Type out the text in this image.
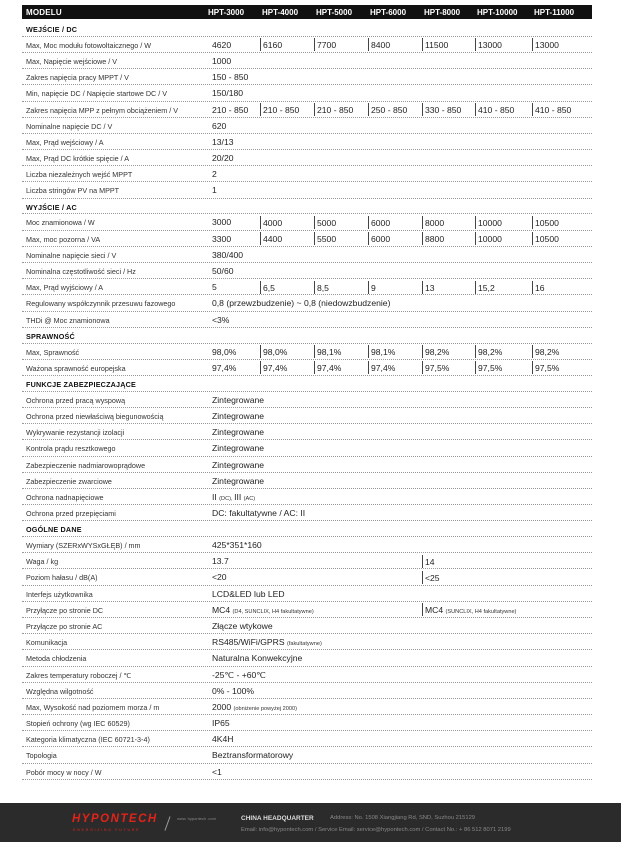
MODELU	HPT-3000 HPT-4000 HPT-5000 HPT-6000 HPT-8000 HPT-10000 HPT-11000
WEJŚCIE / DC
Max, Moc modułu fotowoltaicznego / W	4620	6160	7700	8400	11500	13000	13000
Max, Napięcie wejściowe / V	1000
Zakres napięcia pracy MPPT / V	150 - 850
Min, napięcie DC / Napięcie startowe DC / V	150/180
Zakres napięcia MPP z pełnym obciążeniem / V	210 - 850	210 - 850	210 - 850	250 - 850	330 - 850	410 - 850	410 - 850
Nominalne napięcie DC / V	620
Max, Prąd wejściowy / A	13/13
Max, Prąd DC krótkie spięcie / A	20/20
Liczba niezależnych wejść MPPT	2
Liczba stringów PV na MPPT	1
WYJŚCIE / AC
Moc znamionowa / W	3000	4000	5000	6000	8000	10000	10500
Max, moc pozorna / VA	3300	4400	5500	6000	8800	10000	10500
Nominalne napięcie sieci / V	380/400
Nominalna częstotliwość sieci / Hz	50/60
Max, Prąd wyjściowy / A	5	6,5	8,5	9	13	15,2	16
Regulowany współczynnik przesuwu fazowego	0,8 (przewzbudzenie) ~ 0,8 (niedowzbudzenie)
THDi @ Moc znamionowa	<3%
SPRAWNOŚĆ
Max, Sprawność	98,0%	98,0%	98,1%	98,1%	98,2%	98,2%	98,2%
Ważona sprawność europejska	97,4%	97,4%	97,4%	97,4%	97,5%	97,5%	97,5%
FUNKCJE ZABEZPIECZAJĄCE
Ochrona przed pracą wyspową	Zintegrowane
Ochrona przed niewłaściwą biegunowością	Zintegrowane
Wykrywanie rezystancji izolacji	Zintegrowane
Kontrola prądu resztkowego	Zintegrowane
Zabezpieczenie nadmiarowoprądowe	Zintegrowane
Zabezpieczenie zwarciowe	Zintegrowane
Ochrona nadnapięciowe	II (DC), III (AC)
Ochrona przed przepięciami	DC: fakultatywne / AC: II
OGÓLNE DANE
Wymiary (SZERxWYSxGŁĘB) / mm	425*351*160
Waga / kg	13.7	14
Poziom hałasu / dB(A)	<20	<25
Interfejs użytkownika	LCD&LED lub LED
Przyłącze po stronie DC	MC4 (D4, SUNCLIX, H4 fakultatywne)	MC4 (SUNCLIX, H4 fakultatywne)
Przyłącze po stronie AC	Złącze wtykowe
Komunikacja	RS485/WiFi/GPRS (fakultatywne)
Metoda chłodzenia	Naturalna Konwekcyjne
Zakres temperatury roboczej / ℃	-25℃ - +60℃
Względna wilgotność	0% - 100%
Max, Wysokość nad poziomem morza / m	2000 (obniżenie powyżej 2000)
Stopień ochrony (wg IEC 60529)	IP65
Kategoria klimatyczna (IEC 60721-3-4)	4K4H
Topologia	Beztransformatorowy
Pobór mocy w nocy / W	<1
HYPONTECH
ENERGIZING FUTURE
www. hypontech .com	CHINA HEADQUARTER	Address: No. 1508 Xiangjiang Rd, SND, Suzhou 215129
Email: info@hypontech.com / Service Email: service@hypontech.com / Contact No.: + 86 512 8071 2199
